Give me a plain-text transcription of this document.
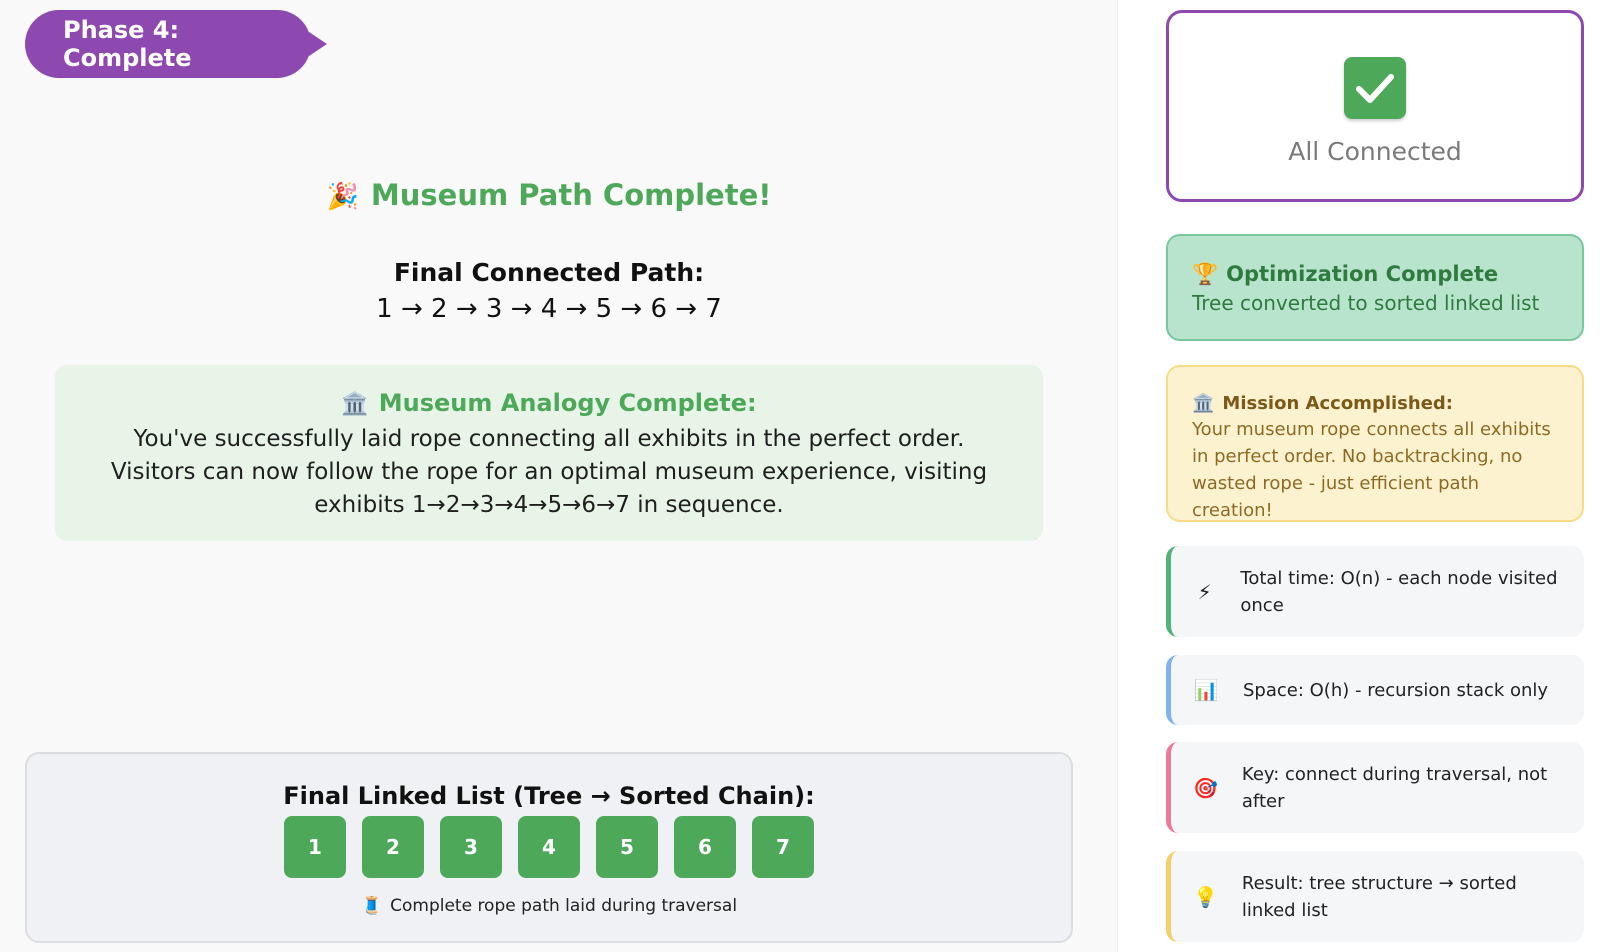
Phase 4: Complete
🎉 Museum Path Complete!
Final Connected Path:
1 → 2 → 3 → 4 → 5 → 6 → 7
🏛️ Museum Analogy Complete:
You've successfully laid rope connecting all exhibits in the perfect order. Visitors can now follow the rope for an optimal museum experience, visiting exhibits 1→2→3→4→5→6→7 in sequence.
Final Linked List (Tree → Sorted Chain):
1	2	3	4	5	6	7
🧵 Complete rope path laid during traversal
All Connected
🏆 Optimization Complete
Tree converted to sorted linked list
🏛️ Mission Accomplished:
Your museum rope connects all exhibits in perfect order. No backtracking, no wasted rope - just efficient path creation!
⚡
Total time: O(n) - each node visited once
📊 Space: O(h) - recursion stack only
🎯
Key: connect during traversal, not after
💡
Result: tree structure → sorted linked list
